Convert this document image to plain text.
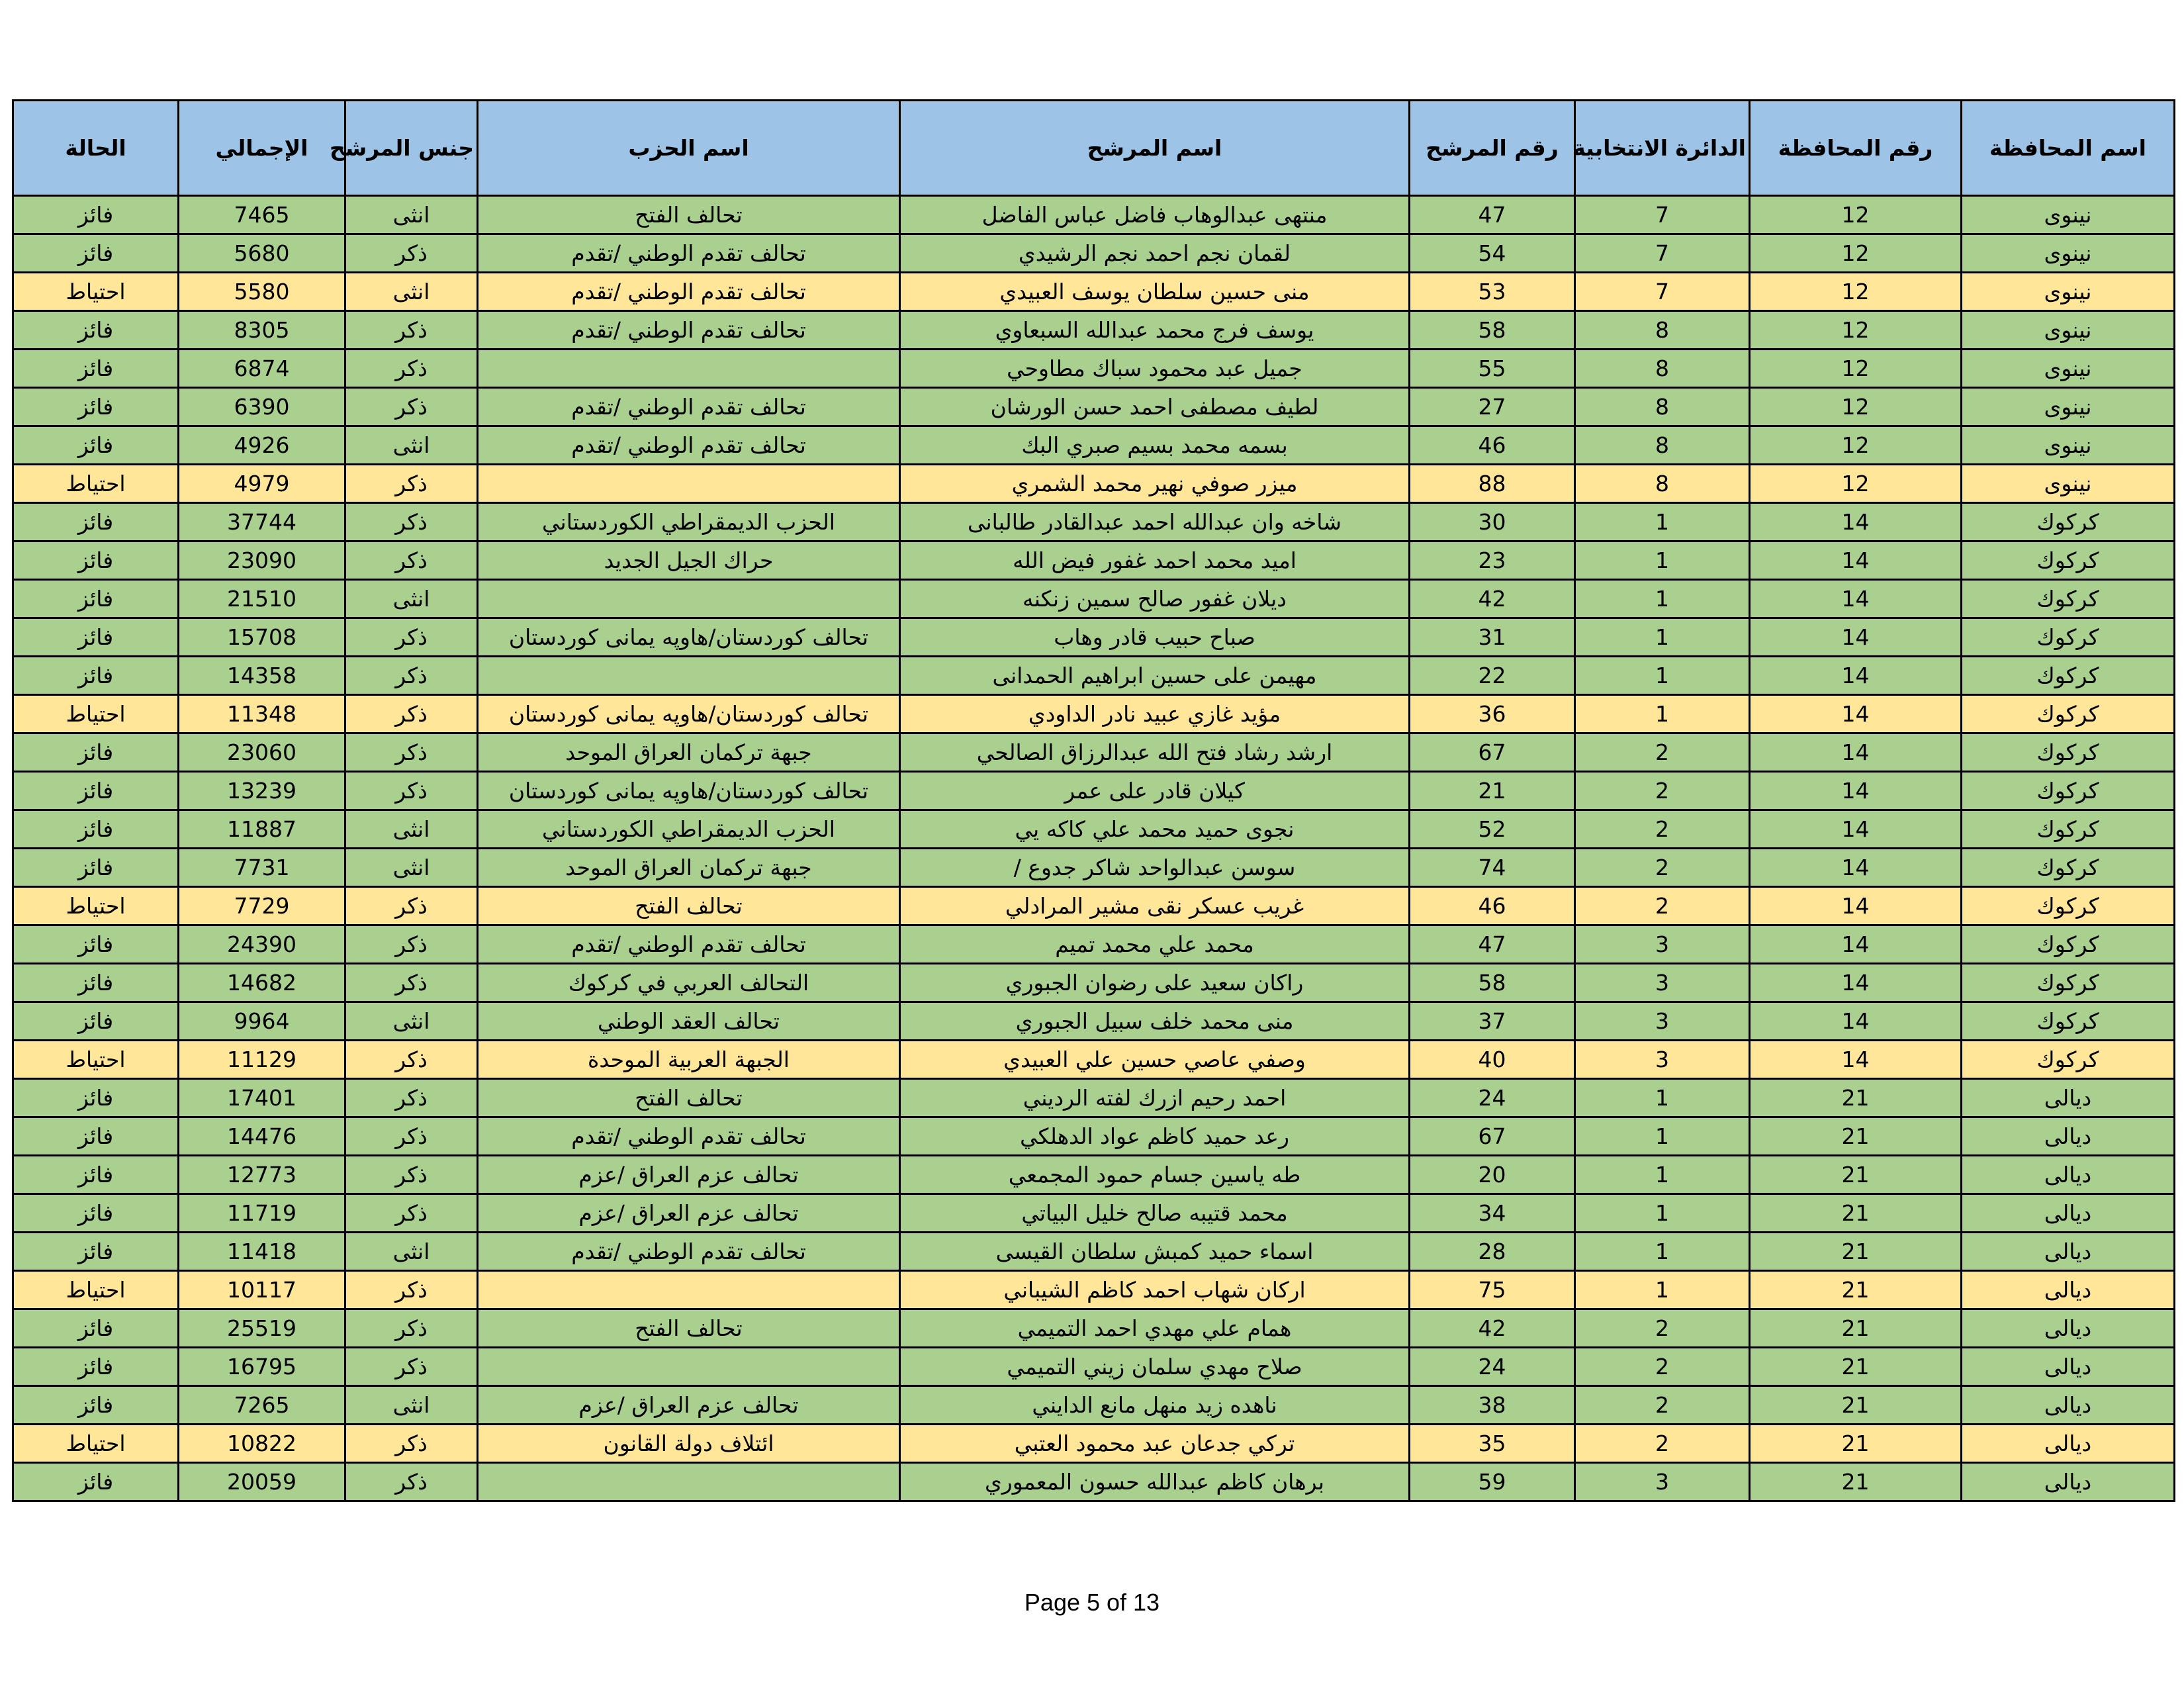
اسم المحافظة	رقم المحافظة	الدائرة الانتخابية	رقم المرشح	اسم المرشح	اسم الحزب	جنس المرشح	الإجمالي	الحالة
نينوى	12	7	47	منتهى عبدالوهاب فاضل عباس الفاضل	تحالف الفتح	انثى	7465	فائز
نينوى	12	7	54	لقمان نجم احمد نجم الرشيدي	تحالف تقدم الوطني /تقدم	ذكر	5680	فائز
نينوى	12	7	53	منى حسين سلطان يوسف العبيدي	تحالف تقدم الوطني /تقدم	انثى	5580	احتياط
نينوى	12	8	58	يوسف فرج محمد عبدالله السبعاوي	تحالف تقدم الوطني /تقدم	ذكر	8305	فائز
نينوى	12	8	55	جميل عبد محمود سباك مطاوحي		ذكر	6874	فائز
نينوى	12	8	27	لطيف مصطفى احمد حسن الورشان	تحالف تقدم الوطني /تقدم	ذكر	6390	فائز
نينوى	12	8	46	بسمه محمد بسيم صبري البك	تحالف تقدم الوطني /تقدم	انثى	4926	فائز
نينوى	12	8	88	ميزر صوفي نهير محمد الشمري		ذكر	4979	احتياط
كركوك	14	1	30	شاخه وان عبدالله احمد عبدالقادر طالبانى	الحزب الديمقراطي الكوردستاني	ذكر	37744	فائز
كركوك	14	1	23	اميد محمد احمد غفور فيض الله	حراك الجيل الجديد	ذكر	23090	فائز
كركوك	14	1	42	ديلان غفور صالح سمين زنكنه		انثى	21510	فائز
كركوك	14	1	31	صباح حبيب قادر وهاب	تحالف كوردستان/هاوپه يمانى كوردستان	ذكر	15708	فائز
كركوك	14	1	22	مهيمن على حسين ابراهيم الحمدانى		ذكر	14358	فائز
كركوك	14	1	36	مؤيد غازي عبيد نادر الداودي	تحالف كوردستان/هاوپه يمانى كوردستان	ذكر	11348	احتياط
كركوك	14	2	67	ارشد رشاد فتح الله عبدالرزاق الصالحي	جبهة تركمان العراق الموحد	ذكر	23060	فائز
كركوك	14	2	21	كيلان قادر على عمر	تحالف كوردستان/هاوپه يمانى كوردستان	ذكر	13239	فائز
كركوك	14	2	52	نجوى حميد محمد علي كاكه يي	الحزب الديمقراطي الكوردستاني	انثى	11887	فائز
كركوك	14	2	74	سوسن عبدالواحد شاكر جدوع /	جبهة تركمان العراق الموحد	انثى	7731	فائز
كركوك	14	2	46	غريب عسكر نقى مشير المرادلي	تحالف الفتح	ذكر	7729	احتياط
كركوك	14	3	47	محمد علي محمد تميم	تحالف تقدم الوطني /تقدم	ذكر	24390	فائز
كركوك	14	3	58	راكان سعيد على رضوان الجبوري	التحالف العربي في كركوك	ذكر	14682	فائز
كركوك	14	3	37	منى محمد خلف سبيل الجبوري	تحالف العقد الوطني	انثى	9964	فائز
كركوك	14	3	40	وصفي عاصي حسين علي العبيدي	الجبهة العربية الموحدة	ذكر	11129	احتياط
ديالى	21	1	24	احمد رحيم ازرك لفته الرديني	تحالف الفتح	ذكر	17401	فائز
ديالى	21	1	67	رعد حميد كاظم عواد الدهلكي	تحالف تقدم الوطني /تقدم	ذكر	14476	فائز
ديالى	21	1	20	طه ياسين جسام حمود المجمعي	تحالف عزم العراق /عزم	ذكر	12773	فائز
ديالى	21	1	34	محمد قتيبه صالح خليل البياتي	تحالف عزم العراق /عزم	ذكر	11719	فائز
ديالى	21	1	28	اسماء حميد كمبش سلطان القيسى	تحالف تقدم الوطني /تقدم	انثى	11418	فائز
ديالى	21	1	75	اركان شهاب احمد كاظم الشيباني		ذكر	10117	احتياط
ديالى	21	2	42	همام علي مهدي احمد التميمي	تحالف الفتح	ذكر	25519	فائز
ديالى	21	2	24	صلاح مهدي سلمان زيني التميمي		ذكر	16795	فائز
ديالى	21	2	38	ناهده زيد منهل مانع الدايني	تحالف عزم العراق /عزم	انثى	7265	فائز
ديالى	21	2	35	تركي جدعان عبد محمود العتبي	ائتلاف دولة القانون	ذكر	10822	احتياط
ديالى	21	3	59	برهان كاظم عبدالله حسون المعموري		ذكر	20059	فائز
Page 5 of 13
